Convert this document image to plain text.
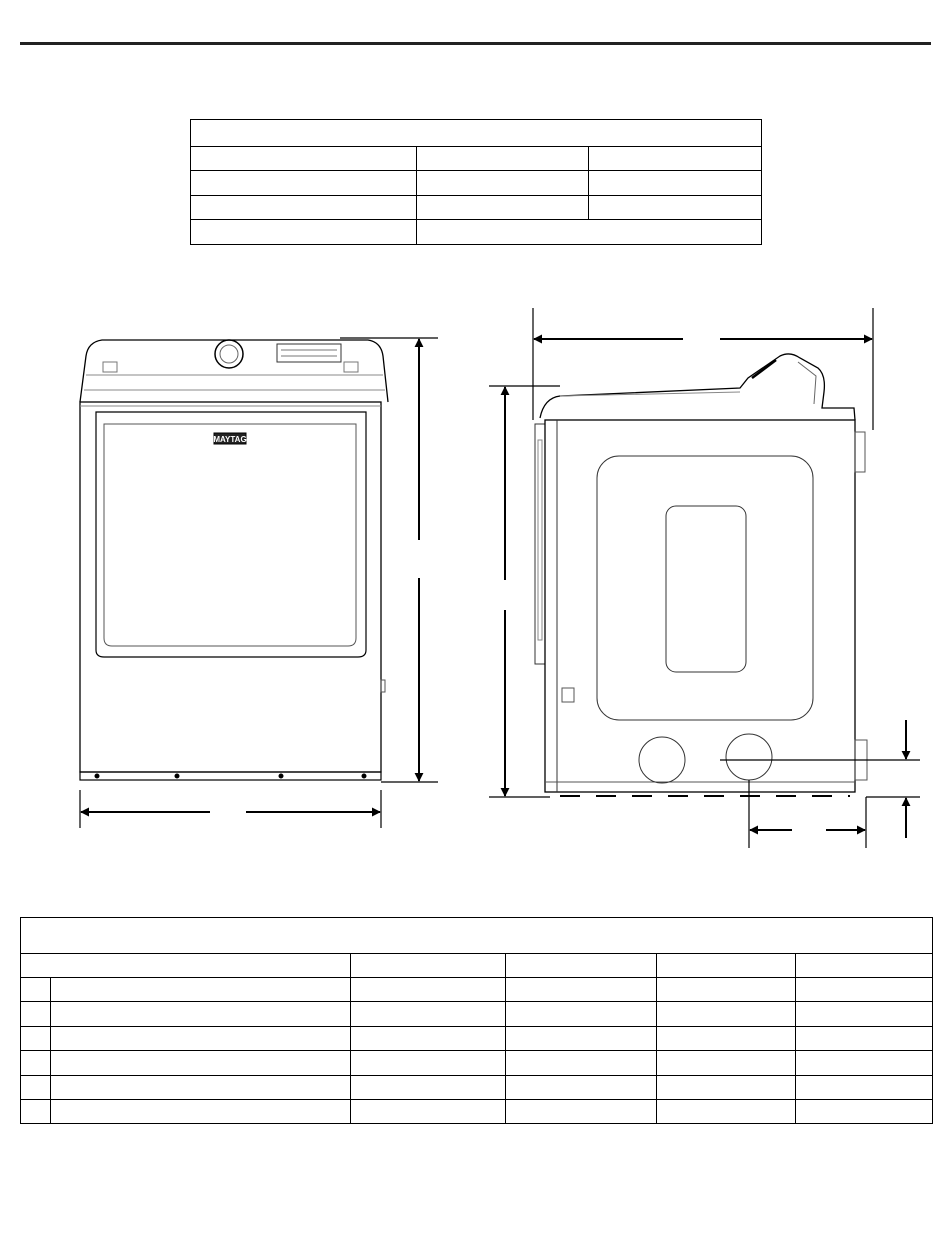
MAYTAG
